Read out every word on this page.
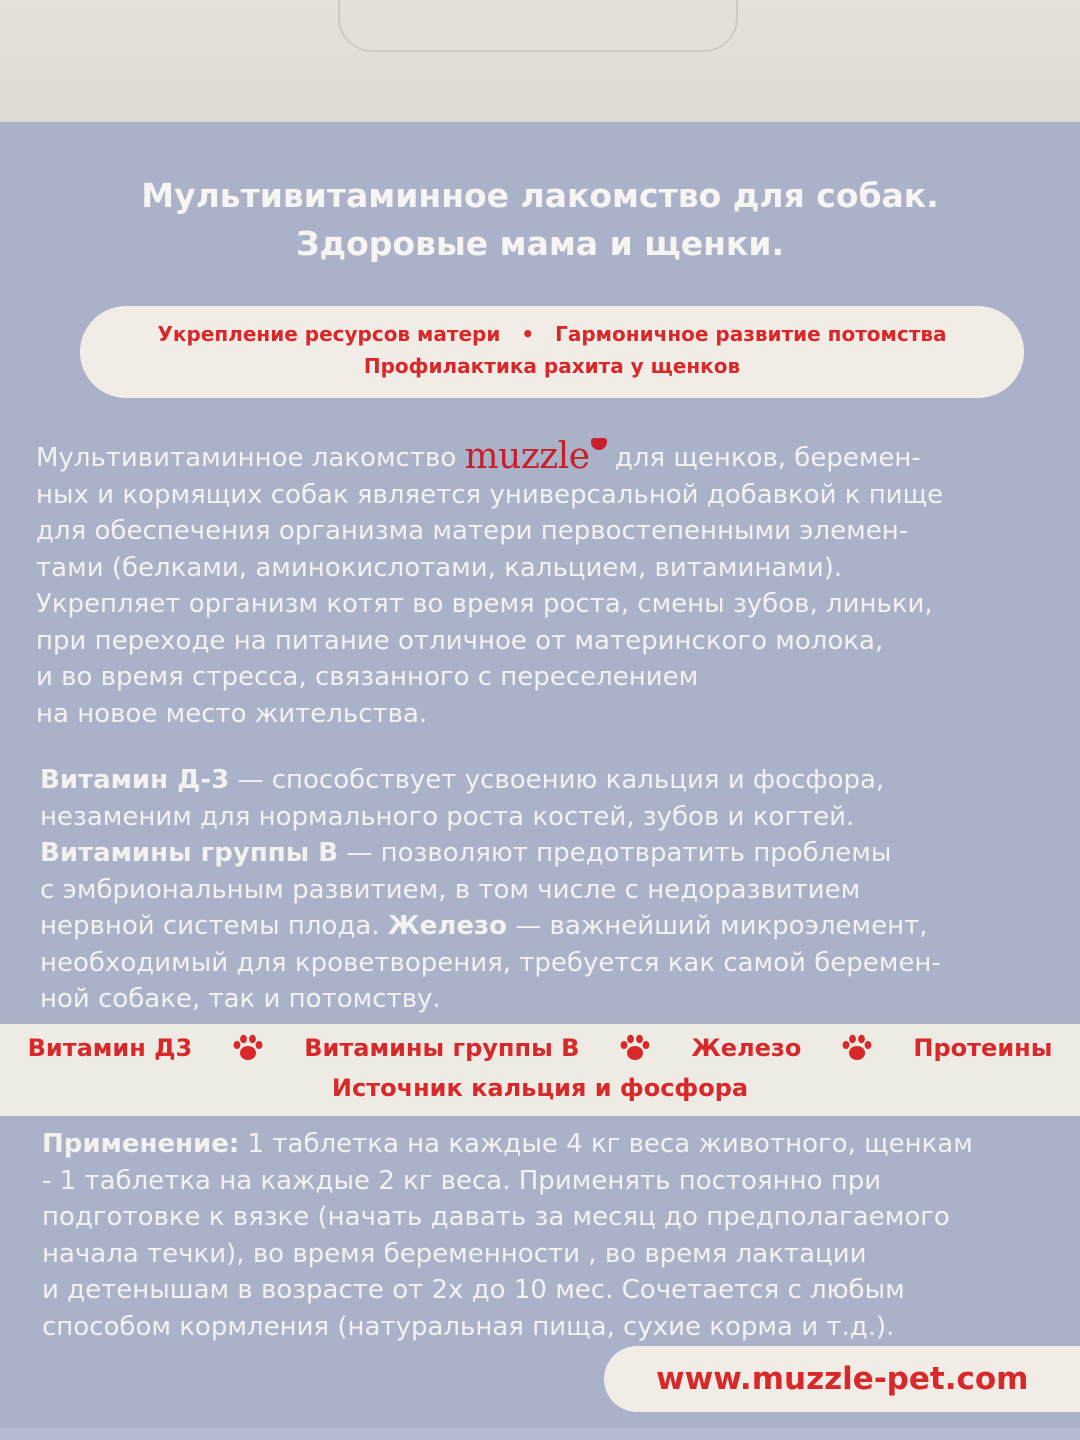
Мультивитаминное лакомство для собак.
Здоровые мама и щенки.
Укрепление ресурсов матери • Гармоничное развитие потомства
Профилактика рахита у щенков
Мультивитаминное лакомство muzzle для щенков, беремен-
ных и кормящих собак является универсальной добавкой к пище
для обеспечения организма матери первостепенными элемен-
тами (белками, аминокислотами, кальцием, витаминами).
Укрепляет организм котят во время роста, смены зубов, линьки,
при переходе на питание отличное от материнского молока,
и во время стресса, связанного с переселением
на новое место жительства.
Витамин Д-3 — способствует усвоению кальция и фосфора,
незаменим для нормального роста костей, зубов и когтей.
Витамины группы В — позволяют предотвратить проблемы
с эмбриональным развитием, в том числе с недоразвитием
нервной системы плода. Железо — важнейший микроэлемент,
необходимый для кроветворения, требуется как самой беремен-
ной собаке, так и потомству.
Витамин Д3	Витамины группы В	Железо	Протеины
Источник кальция и фосфора
Применение: 1 таблетка на каждые 4 кг веса животного, щенкам
- 1 таблетка на каждые 2 кг веса. Применять постоянно при
подготовке к вязке (начать давать за месяц до предполагаемого
начала течки), во время беременности , во время лактации
и детенышам в возрасте от 2х до 10 мес. Сочетается с любым
способом кормления (натуральная пища, сухие корма и т.д.).
www.muzzle-pet.com
